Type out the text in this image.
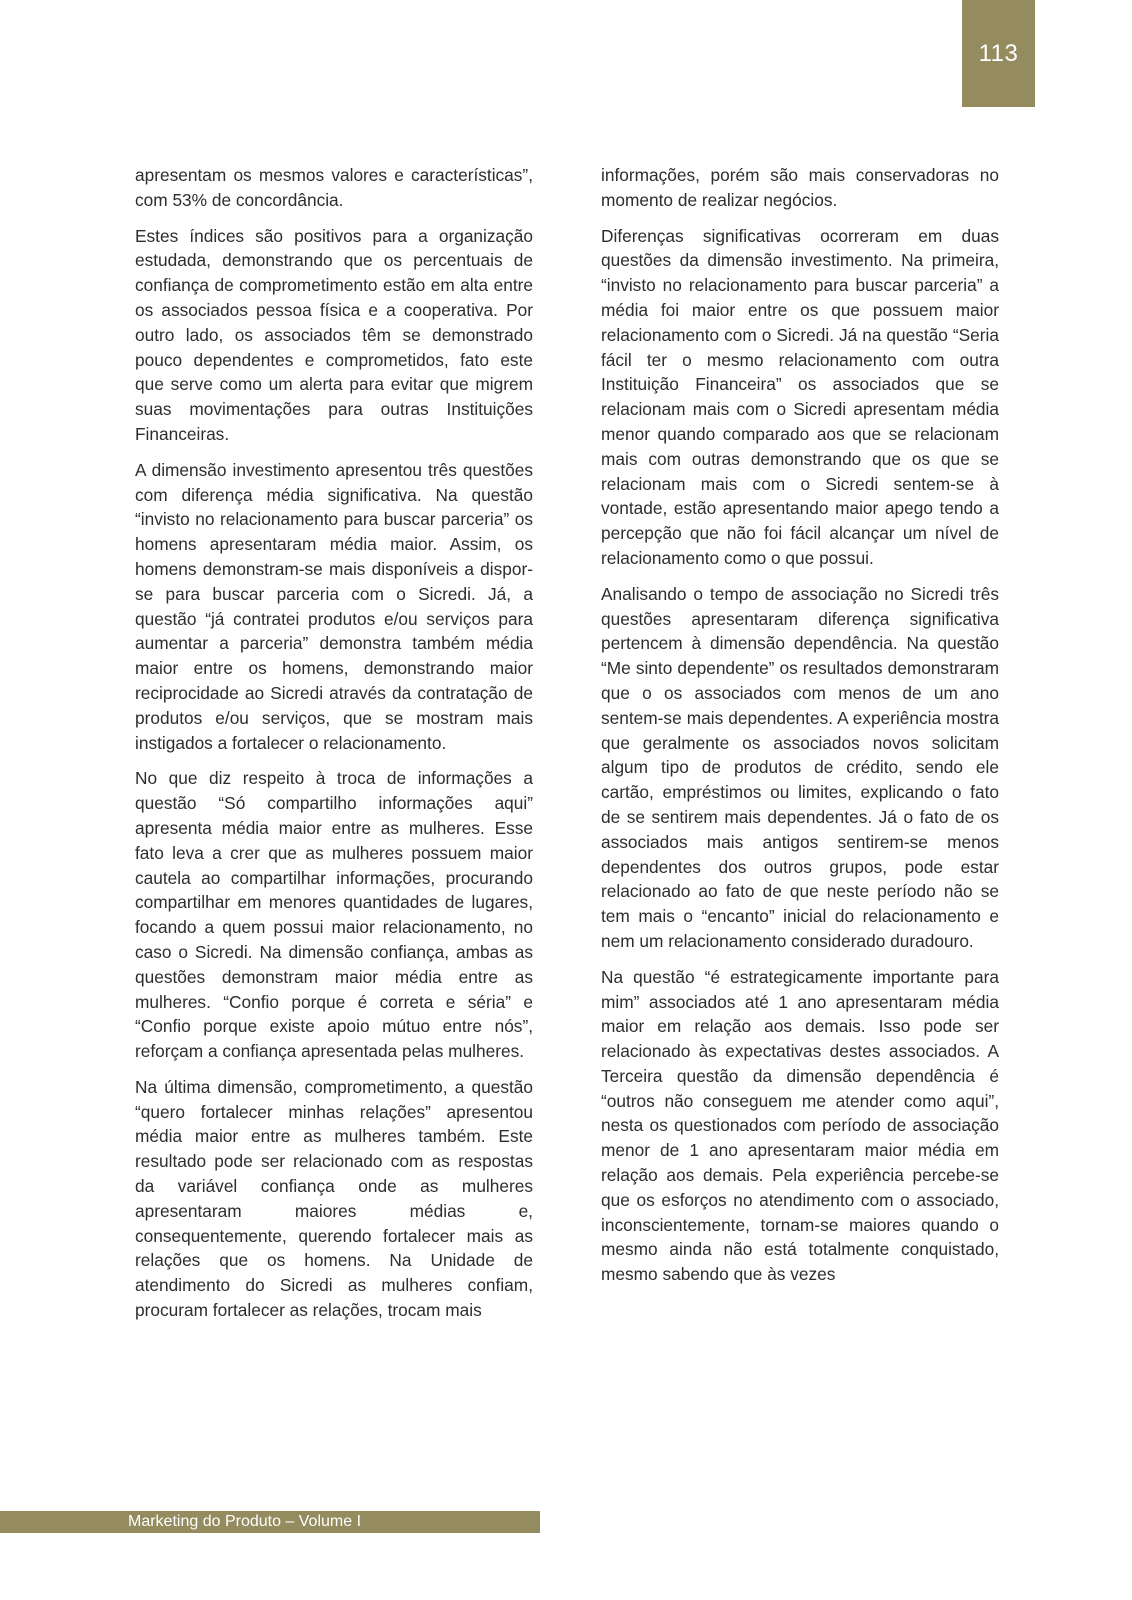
113

apresentam os mesmos valores e características”, com 53% de concordância.

Estes índices são positivos para a organização estudada, demonstrando que os percentuais de confiança de comprometimento estão em alta entre os associados pessoa física e a cooperativa. Por outro lado, os associados têm se demonstrado pouco dependentes e comprometidos, fato este que serve como um alerta para evitar que migrem suas movimentações para outras Instituições Financeiras.

A dimensão investimento apresentou três questões com diferença média significativa. Na questão “invisto no relacionamento para buscar parceria” os homens apresentaram média maior. Assim, os homens demonstram-se mais disponíveis a dispor-se para buscar parceria com o Sicredi. Já, a questão “já contratei produtos e/ou serviços para aumentar a parceria” demonstra também média maior entre os homens, demonstrando maior reciprocidade ao Sicredi através da contratação de produtos e/ou serviços, que se mostram mais instigados a fortalecer o relacionamento.

No que diz respeito à troca de informações a questão “Só compartilho informações aqui” apresenta média maior entre as mulheres. Esse fato leva a crer que as mulheres possuem maior cautela ao compartilhar informações, procurando compartilhar em menores quantidades de lugares, focando a quem possui maior relacionamento, no caso o Sicredi. Na dimensão confiança, ambas as questões demonstram maior média entre as mulheres. “Confio porque é correta e séria” e “Confio porque existe apoio mútuo entre nós”, reforçam a confiança apresentada pelas mulheres.

Na última dimensão, comprometimento, a questão “quero fortalecer minhas relações” apresentou média maior entre as mulheres também. Este resultado pode ser relacionado com as respostas da variável confiança onde as mulheres apresentaram maiores médias e, consequentemente, querendo fortalecer mais as relações que os homens. Na Unidade de atendimento do Sicredi as mulheres confiam, procuram fortalecer as relações, trocam mais

informações, porém são mais conservadoras no momento de realizar negócios.

Diferenças significativas ocorreram em duas questões da dimensão investimento. Na primeira, “invisto no relacionamento para buscar parceria” a média foi maior entre os que possuem maior relacionamento com o Sicredi. Já na questão “Seria fácil ter o mesmo relacionamento com outra Instituição Financeira” os associados que se relacionam mais com o Sicredi apresentam média menor quando comparado aos que se relacionam mais com outras demonstrando que os que se relacionam mais com o Sicredi sentem-se à vontade, estão apresentando maior apego tendo a percepção que não foi fácil alcançar um nível de relacionamento como o que possui.

Analisando o tempo de associação no Sicredi três questões apresentaram diferença significativa pertencem à dimensão dependência. Na questão “Me sinto dependente” os resultados demonstraram que o os associados com menos de um ano sentem-se mais dependentes. A experiência mostra que geralmente os associados novos solicitam algum tipo de produtos de crédito, sendo ele cartão, empréstimos ou limites, explicando o fato de se sentirem mais dependentes. Já o fato de os associados mais antigos sentirem-se menos dependentes dos outros grupos, pode estar relacionado ao fato de que neste período não se tem mais o “encanto” inicial do relacionamento e nem um relacionamento considerado duradouro.

Na questão “é estrategicamente importante para mim” associados até 1 ano apresentaram média maior em relação aos demais. Isso pode ser relacionado às expectativas destes associados. A Terceira questão da dimensão dependência é “outros não conseguem me atender como aqui”, nesta os questionados com período de associação menor de 1 ano apresentaram maior média em relação aos demais. Pela experiência percebe-se que os esforços no atendimento com o associado, inconscientemente, tornam-se maiores quando o mesmo ainda não está totalmente conquistado, mesmo sabendo que às vezes

Marketing do Produto – Volume I
